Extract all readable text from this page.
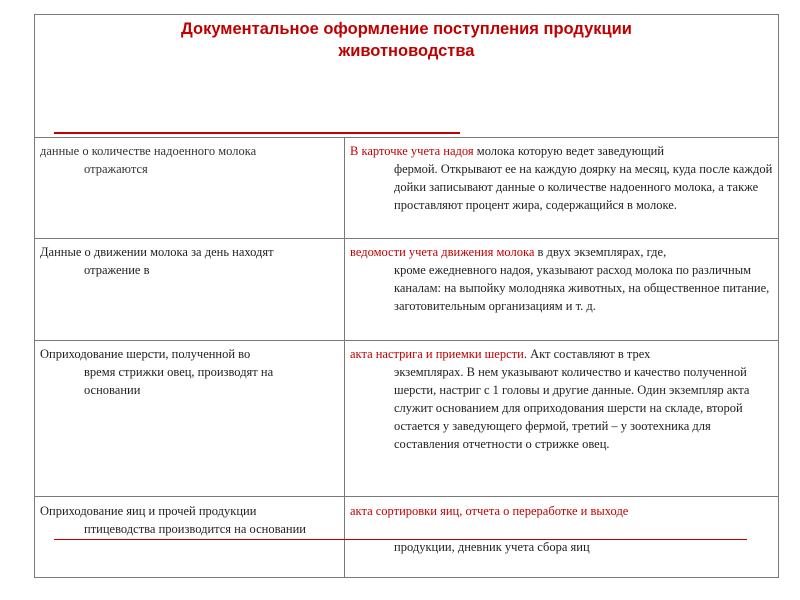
Документальное оформление поступления продукции
животноводства
данные о количестве надоенного молока
отражаются
В карточке учета надоя молока которую ведет заведующий
фермой. Открывают ее на каждую доярку на месяц, куда после каждой дойки записывают данные о количестве надоенного молока, а также проставляют процент жира, содержащийся в молоке.
Данные о движении молока за день находят
отражение в
ведомости учета движения молока в двух экземплярах, где,
кроме ежедневного надоя, указывают расход молока по различным каналам: на выпойку молодняка животных, на общественное питание, заготовительным организациям и т. д.
Оприходование шерсти, полученной во
время стрижки овец, производят на основании
акта настрига и приемки шерсти. Акт составляют в трех
экземплярах. В нем указывают количество и качество полученной шерсти, настриг с 1 головы и другие данные. Один экземпляр акта служит основанием для оприходования шерсти на складе, второй остается у заведующего фермой, третий – у зоотехника для составления отчетности о стрижке овец.
Оприходование яиц и прочей продукции
птицеводства производится на основании
акта сортировки яиц, отчета о переработке и выходе
продукции, дневник учета сбора яиц
